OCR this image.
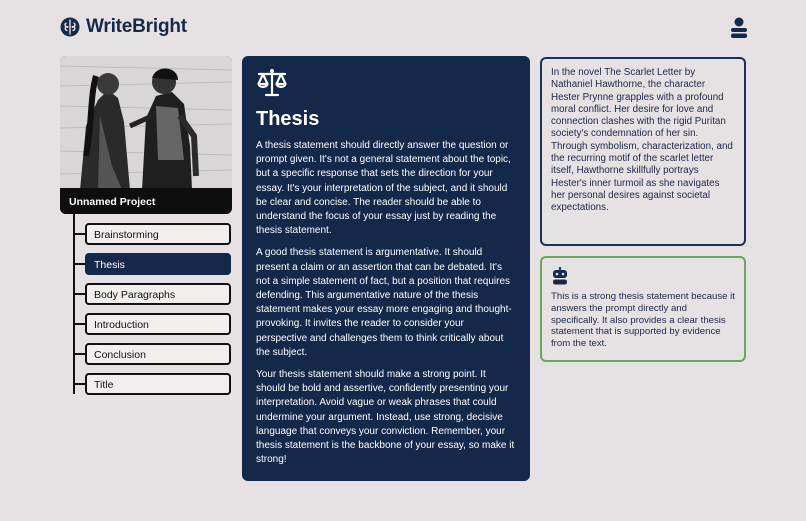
WriteBright
Unnamed Project
Brainstorming
Thesis
Body Paragraphs
Introduction
Conclusion
Title
Thesis

A thesis statement should directly answer the question or prompt given. It's not a general statement about the topic, but a specific response that sets the direction for your essay. It's your interpretation of the subject, and it should be clear and concise. The reader should be able to understand the focus of your essay just by reading the thesis statement.

A good thesis statement is argumentative. It should present a claim or an assertion that can be debated. It's not a simple statement of fact, but a position that requires defending. This argumentative nature of the thesis statement makes your essay more engaging and thought-provoking. It invites the reader to consider your perspective and challenges them to think critically about the subject.

Your thesis statement should make a strong point. It should be bold and assertive, confidently presenting your interpretation. Avoid vague or weak phrases that could undermine your argument. Instead, use strong, decisive language that conveys your conviction. Remember, your thesis statement is the backbone of your essay, so make it strong!

In the novel The Scarlet Letter by Nathaniel Hawthorne, the character Hester Prynne grapples with a profound moral conflict. Her desire for love and connection clashes with the rigid Puritan society's condemnation of her sin. Through symbolism, characterization, and the recurring motif of the scarlet letter itself, Hawthorne skillfully portrays Hester's inner turmoil as she navigates her personal desires against societal expectations.
This is a strong thesis statement because it answers the prompt directly and specifically. It also provides a clear thesis statement that is supported by evidence from the text.
